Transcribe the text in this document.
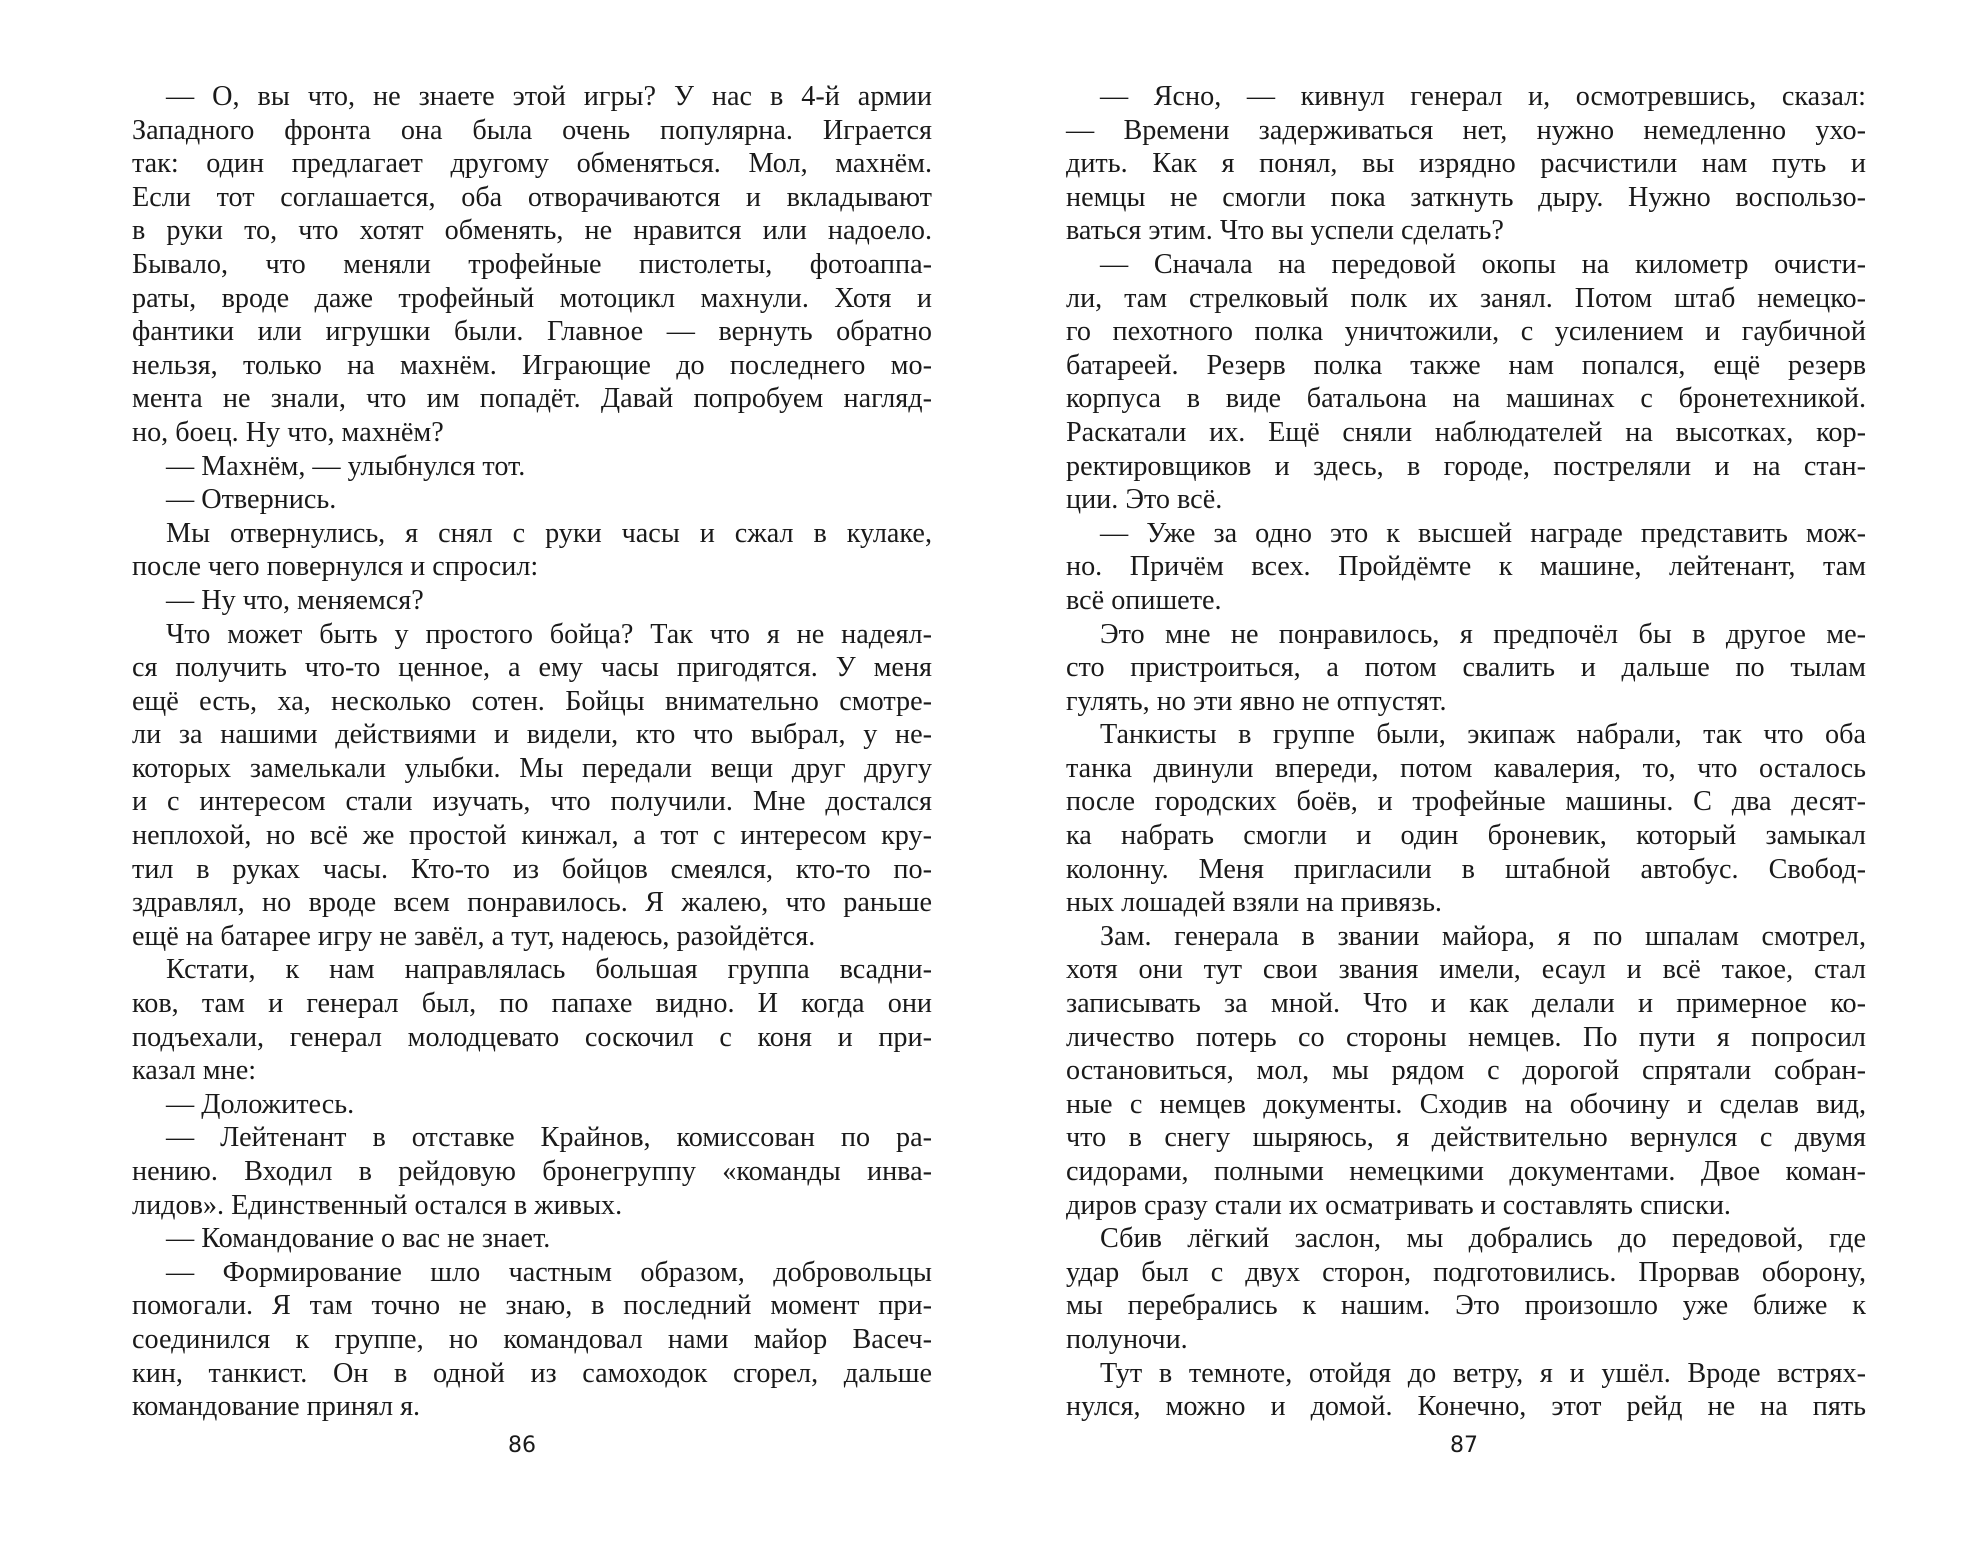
— О, вы что, не знаете этой игры? У нас в 4-й армии
Западного фронта она была очень популярна. Играется
так: один предлагает другому обменяться. Мол, махнём.
Если тот соглашается, оба отворачиваются и вкладывают
в руки то, что хотят обменять, не нравится или надоело.
Бывало, что меняли трофейные пистолеты, фотоаппа-
раты, вроде даже трофейный мотоцикл махнули. Хотя и
фантики или игрушки были. Главное — вернуть обратно
нельзя, только на махнём. Играющие до последнего мо-
мента не знали, что им попадёт. Давай попробуем нагляд-
но, боец. Ну что, махнём?
— Махнём, — улыбнулся тот.
— Отвернись.
Мы отвернулись, я снял с руки часы и сжал в кулаке,
после чего повернулся и спросил:
— Ну что, меняемся?
Что может быть у простого бойца? Так что я не надеял-
ся получить что-то ценное, а ему часы пригодятся. У меня
ещё есть, ха, несколько сотен. Бойцы внимательно смотре-
ли за нашими действиями и видели, кто что выбрал, у не-
которых замелькали улыбки. Мы передали вещи друг другу
и с интересом стали изучать, что получили. Мне достался
неплохой, но всё же простой кинжал, а тот с интересом кру-
тил в руках часы. Кто-то из бойцов смеялся, кто-то по-
здравлял, но вроде всем понравилось. Я жалею, что раньше
ещё на батарее игру не завёл, а тут, надеюсь, разойдётся.
Кстати, к нам направлялась большая группа всадни-
ков, там и генерал был, по папахе видно. И когда они
подъехали, генерал молодцевато соскочил с коня и при-
казал мне:
— Доложитесь.
— Лейтенант в отставке Крайнов, комиссован по ра-
нению. Входил в рейдовую бронегруппу «команды инва-
лидов». Единственный остался в живых.
— Командование о вас не знает.
— Формирование шло частным образом, добровольцы
помогали. Я там точно не знаю, в последний момент при-
соединился к группе, но командовал нами майор Васеч-
кин, танкист. Он в одной из самоходок сгорел, дальше
командование принял я.
86
— Ясно, — кивнул генерал и, осмотревшись, сказал:
— Времени задерживаться нет, нужно немедленно ухо-
дить. Как я понял, вы изрядно расчистили нам путь и
немцы не смогли пока заткнуть дыру. Нужно воспользо-
ваться этим. Что вы успели сделать?
— Сначала на передовой окопы на километр очисти-
ли, там стрелковый полк их занял. Потом штаб немецко-
го пехотного полка уничтожили, с усилением и гаубичной
батареей. Резерв полка также нам попался, ещё резерв
корпуса в виде батальона на машинах с бронетехникой.
Раскатали их. Ещё сняли наблюдателей на высотках, кор-
ректировщиков и здесь, в городе, постреляли и на стан-
ции. Это всё.
— Уже за одно это к высшей награде представить мож-
но. Причём всех. Пройдёмте к машине, лейтенант, там
всё опишете.
Это мне не понравилось, я предпочёл бы в другое ме-
сто пристроиться, а потом свалить и дальше по тылам
гулять, но эти явно не отпустят.
Танкисты в группе были, экипаж набрали, так что оба
танка двинули впереди, потом кавалерия, то, что осталось
после городских боёв, и трофейные машины. С два десят-
ка набрать смогли и один броневик, который замыкал
колонну. Меня пригласили в штабной автобус. Свобод-
ных лошадей взяли на привязь.
Зам. генерала в звании майора, я по шпалам смотрел,
хотя они тут свои звания имели, есаул и всё такое, стал
записывать за мной. Что и как делали и примерное ко-
личество потерь со стороны немцев. По пути я попросил
остановиться, мол, мы рядом с дорогой спрятали собран-
ные с немцев документы. Сходив на обочину и сделав вид,
что в снегу шыряюсь, я действительно вернулся с двумя
сидорами, полными немецкими документами. Двое коман-
диров сразу стали их осматривать и составлять списки.
Сбив лёгкий заслон, мы добрались до передовой, где
удар был с двух сторон, подготовились. Прорвав оборону,
мы перебрались к нашим. Это произошло уже ближе к
полуночи.
Тут в темноте, отойдя до ветру, я и ушёл. Вроде встрях-
нулся, можно и домой. Конечно, этот рейд не на пять
87
